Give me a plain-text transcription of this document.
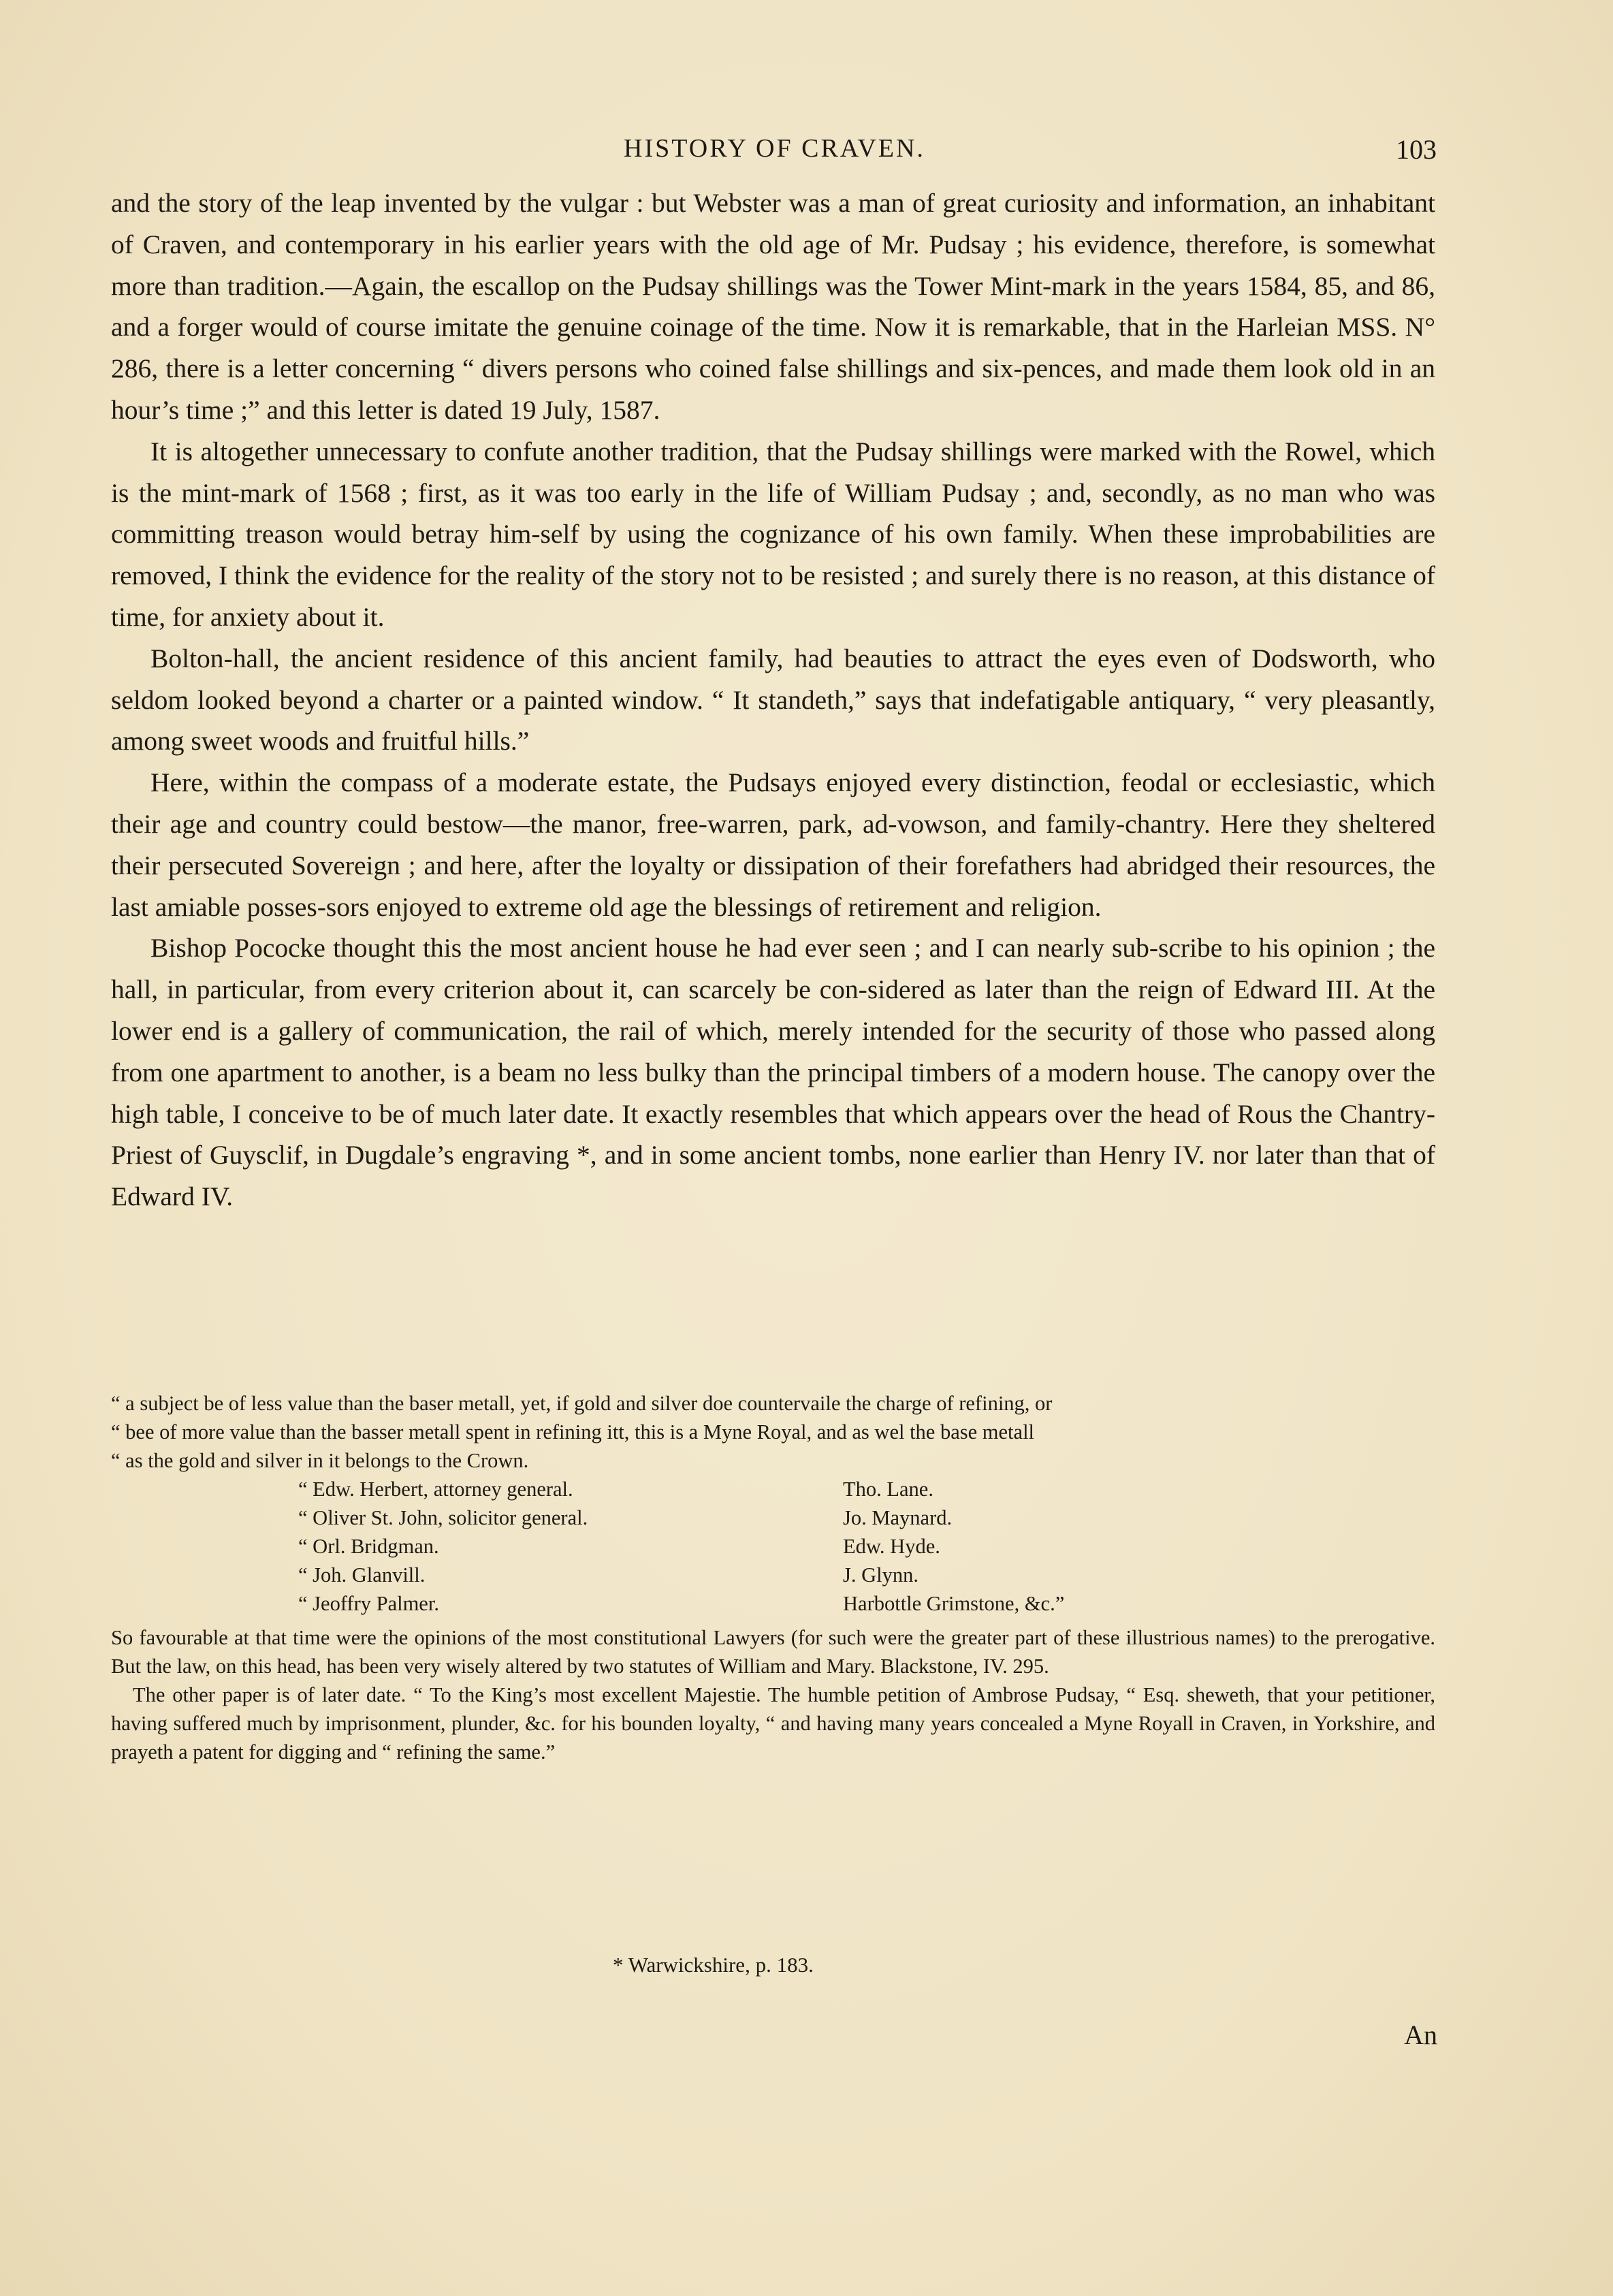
HISTORY OF CRAVEN.	103

and the story of the leap invented by the vulgar : but Webster was a man of great curiosity and information, an inhabitant of Craven, and contemporary in his earlier years with the old age of Mr. Pudsay ; his evidence, therefore, is somewhat more than tradition.—Again, the escallop on the Pudsay shillings was the Tower Mint-mark in the years 1584, 85, and 86, and a forger would of course imitate the genuine coinage of the time. Now it is remarkable, that in the Harleian MSS. N° 286, there is a letter concerning “ divers persons who coined false shillings and six-pences, and made them look old in an hour’s time ;” and this letter is dated 19 July, 1587.

It is altogether unnecessary to confute another tradition, that the Pudsay shillings were marked with the Rowel, which is the mint-mark of 1568 ; first, as it was too early in the life of William Pudsay ; and, secondly, as no man who was committing treason would betray him-self by using the cognizance of his own family. When these improbabilities are removed, I think the evidence for the reality of the story not to be resisted ; and surely there is no reason, at this distance of time, for anxiety about it.

Bolton-hall, the ancient residence of this ancient family, had beauties to attract the eyes even of Dodsworth, who seldom looked beyond a charter or a painted window. “ It standeth,” says that indefatigable antiquary, “ very pleasantly, among sweet woods and fruitful hills.”

Here, within the compass of a moderate estate, the Pudsays enjoyed every distinction, feodal or ecclesiastic, which their age and country could bestow—the manor, free-warren, park, ad-vowson, and family-chantry. Here they sheltered their persecuted Sovereign ; and here, after the loyalty or dissipation of their forefathers had abridged their resources, the last amiable posses-sors enjoyed to extreme old age the blessings of retirement and religion.

Bishop Pococke thought this the most ancient house he had ever seen ; and I can nearly sub-scribe to his opinion ; the hall, in particular, from every criterion about it, can scarcely be con-sidered as later than the reign of Edward III. At the lower end is a gallery of communication, the rail of which, merely intended for the security of those who passed along from one apartment to another, is a beam no less bulky than the principal timbers of a modern house. The canopy over the high table, I conceive to be of much later date. It exactly resembles that which appears over the head of Rous the Chantry-Priest of Guysclif, in Dugdale’s engraving *, and in some ancient tombs, none earlier than Henry IV. nor later than that of Edward IV.

“ a subject be of less value than the baser metall, yet, if gold and silver doe countervaile the charge of refining, or
“ bee of more value than the basser metall spent in refining itt, this is a Myne Royal, and as wel the base metall
“ as the gold and silver in it belongs to the Crown.
“ Edw. Herbert, attorney general.	Tho. Lane.
“ Oliver St. John, solicitor general.	Jo. Maynard.
“ Orl. Bridgman.	Edw. Hyde.
“ Joh. Glanvill.	J. Glynn.
“ Jeoffry Palmer.	Harbottle Grimstone, &c.”

So favourable at that time were the opinions of the most constitutional Lawyers (for such were the greater part of these illustrious names) to the prerogative. But the law, on this head, has been very wisely altered by two statutes of William and Mary. Blackstone, IV. 295.

The other paper is of later date. “ To the King’s most excellent Majestie. The humble petition of Ambrose Pudsay, “ Esq. sheweth, that your petitioner, having suffered much by imprisonment, plunder, &c. for his bounden loyalty, “ and having many years concealed a Myne Royall in Craven, in Yorkshire, and prayeth a patent for digging and “ refining the same.”

* Warwickshire, p. 183.
An
